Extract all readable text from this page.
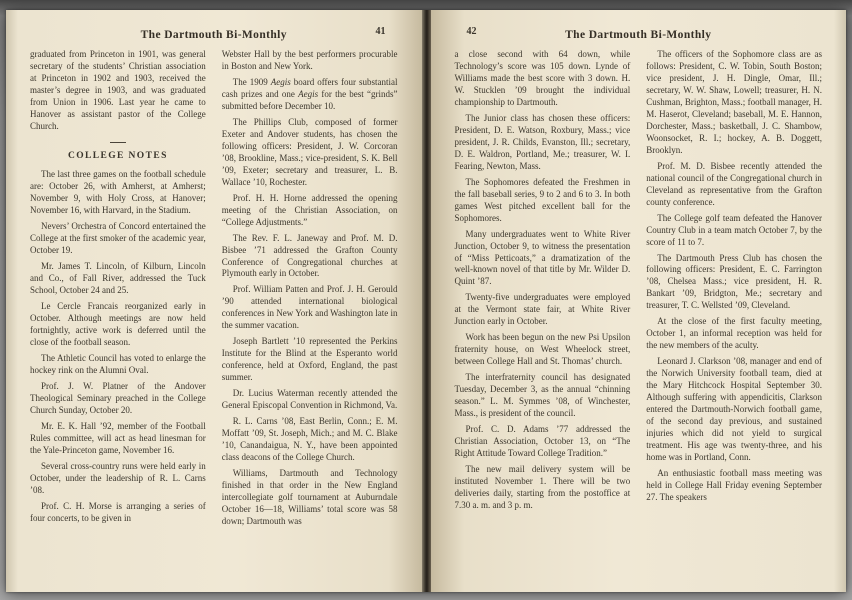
The Dartmouth Bi-Monthly	41

graduated from Princeton in 1901, was general secretary of the students’ Christian association at Princeton in 1902 and 1903, received the master’s degree in 1903, and was graduated from Union in 1906. Last year he came to Hanover as assistant pastor of the College Church.

COLLEGE NOTES

The last three games on the football schedule are: October 26, with Amherst, at Amherst; November 9, with Holy Cross, at Hanover; November 16, with Harvard, in the Stadium.

Nevers’ Orchestra of Concord entertained the College at the first smoker of the academic year, October 19.

Mr. James T. Lincoln, of Kilburn, Lincoln and Co., of Fall River, addressed the Tuck School, October 24 and 25.

Le Cercle Francais reorganized early in October. Although meetings are now held fortnightly, active work is deferred until the close of the football season.

The Athletic Council has voted to enlarge the hockey rink on the Alumni Oval.

Prof. J. W. Platner of the Andover Theological Seminary preached in the College Church Sunday, October 20.

Mr. E. K. Hall ’92, member of the Football Rules committee, will act as head linesman for the Yale-Princeton game, November 16.

Several cross-country runs were held early in October, under the leadership of R. L. Carns ’08.

Prof. C. H. Morse is arranging a series of four concerts, to be given in

Webster Hall by the best performers procurable in Boston and New York.

The 1909 Aegis board offers four substantial cash prizes and one Aegis for the best “grinds” submitted before December 10.

The Phillips Club, composed of former Exeter and Andover students, has chosen the following officers: President, J. W. Corcoran ’08, Brookline, Mass.; vice-president, S. K. Bell ’09, Exeter; secretary and treasurer, L. B. Wallace ’10, Rochester.

Prof. H. H. Horne addressed the opening meeting of the Christian Association, on “College Adjustments.”

The Rev. F. L. Janeway and Prof. M. D. Bisbee ’71 addressed the Grafton County Conference of Congregational churches at Plymouth early in October.

Prof. William Patten and Prof. J. H. Gerould ’90 attended international biological conferences in New York and Washington late in the summer vacation.

Joseph Bartlett ’10 represented the Perkins Institute for the Blind at the Esperanto world conference, held at Oxford, England, the past summer.

Dr. Lucius Waterman recently attended the General Episcopal Convention in Richmond, Va.

R. L. Carns ’08, East Berlin, Conn.; E. M. Moffatt ’09, St. Joseph, Mich.; and M. C. Blake ’10, Canandaigua, N. Y., have been appointed class deacons of the College Church.

Williams, Dartmouth and Technology finished in that order in the New England intercollegiate golf tournament at Auburndale October 16—18, Williams’ total score was 58 down; Dartmouth was

42	The Dartmouth Bi-Monthly

a close second with 64 down, while Technology’s score was 105 down. Lynde of Williams made the best score with 3 down. H. W. Stucklen ’09 brought the individual championship to Dartmouth.

The Junior class has chosen these officers: President, D. E. Watson, Roxbury, Mass.; vice president, J. R. Childs, Evanston, Ill.; secretary, D. E. Waldron, Portland, Me.; treasurer, W. I. Fearing, Newton, Mass.

The Sophomores defeated the Freshmen in the fall baseball series, 9 to 2 and 6 to 3. In both games West pitched excellent ball for the Sophomores.

Many undergraduates went to White River Junction, October 9, to witness the presentation of “Miss Petticoats,” a dramatization of the well-known novel of that title by Mr. Wilder D. Quint ’87.

Twenty-five undergraduates were employed at the Vermont state fair, at White River Junction early in October.

Work has been begun on the new Psi Upsilon fraternity house, on West Wheelock street, between College Hall and St. Thomas’ church.

The interfraternity council has designated Tuesday, December 3, as the annual “chinning season.” L. M. Symmes ’08, of Winchester, Mass., is president of the council.

Prof. C. D. Adams ’77 addressed the Christian Association, October 13, on “The Right Attitude Toward College Tradition.”

The new mail delivery system will be instituted November 1. There will be two deliveries daily, starting from the postoffice at 7.30 a. m. and 3 p. m.

The officers of the Sophomore class are as follows: President, C. W. Tobin, South Boston; vice president, J. H. Dingle, Omar, Ill.; secretary, W. W. Shaw, Lowell; treasurer, H. N. Cushman, Brighton, Mass.; football manager, H. M. Haserot, Cleveland; baseball, M. E. Hannon, Dorchester, Mass.; basketball, J. C. Shambow, Woonsocket, R. I.; hockey, A. B. Doggett, Brooklyn.

Prof. M. D. Bisbee recently attended the national council of the Congregational church in Cleveland as representative from the Grafton county conference.

The College golf team defeated the Hanover Country Club in a team match October 7, by the score of 11 to 7.

The Dartmouth Press Club has chosen the following officers: President, E. C. Farrington ’08, Chelsea Mass.; vice president, H. R. Bankart ’09, Bridgton, Me.; secretary and treasurer, T. C. Wellsted ’09, Cleveland.

At the close of the first faculty meeting, October 1, an informal reception was held for the new members of the aculty.

Leonard J. Clarkson ’08, manager and end of the Norwich University football team, died at the Mary Hitchcock Hospital September 30. Although suffering with appendicitis, Clarkson entered the Dartmouth-Norwich football game, of the second day previous, and sustained injuries which did not yield to surgical treatment. His age was twenty-three, and his home was in Portland, Conn.

An enthusiastic football mass meeting was held in College Hall Friday evening September 27. The speakers
